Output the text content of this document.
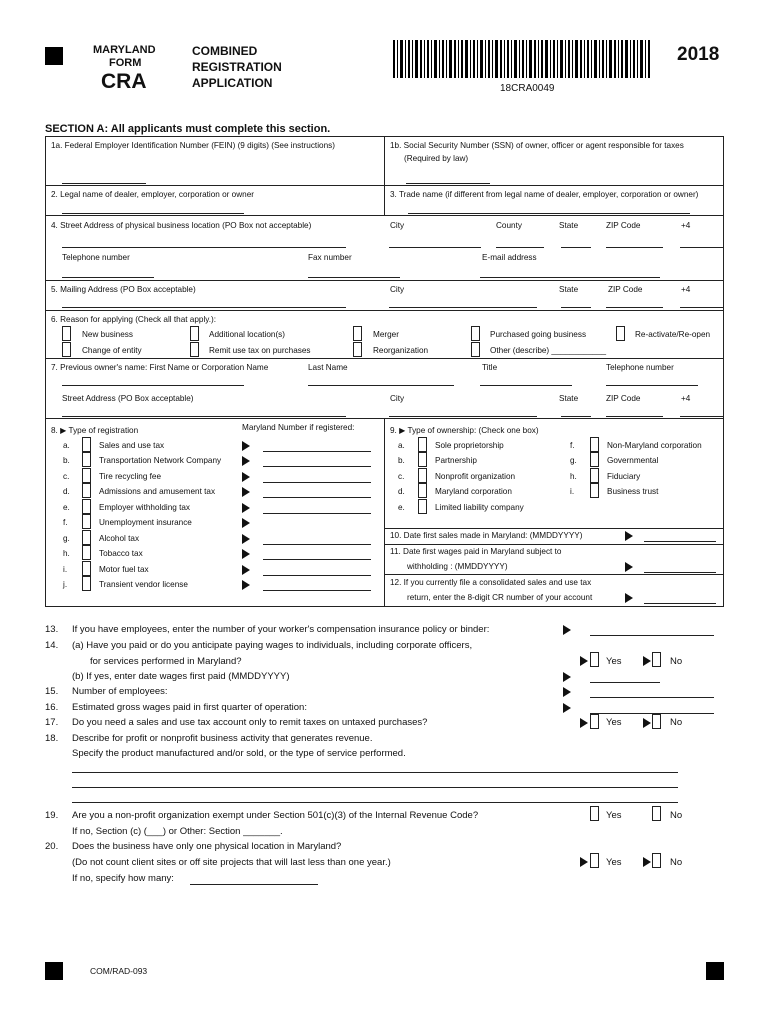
MARYLAND
FORM
CRA
COMBINED
REGISTRATION
APPLICATION	18CRA0049
2018
SECTION A: All applicants must complete this section.
1a. Federal Employer Identification Number (FEIN) (9 digits) (See instructions)	1b. Social Security Number (SSN) of owner, officer or agent responsible for taxes
(Required by law)
2. Legal name of dealer, employer, corporation or owner	3. Trade name (if different from legal name of dealer, employer, corporation or owner)
4. Street Address of physical business location (PO Box not acceptable)	City	County	State	ZIP Code	+4
Telephone number	Fax number	E-mail address
5. Mailing Address (PO Box acceptable)	City	State	ZIP Code	+4
6. Reason for applying (Check all that apply.):
New business	Additional location(s)	Merger	Purchased going business	Re-activate/Re-open
Change of entity	Remit use tax on purchases	Reorganization	Other (describe) ____________
7. Previous owner's name: First Name or Corporation Name	Last Name	Title	Telephone number
Street Address (PO Box acceptable)	City	State	ZIP Code	+4
8. ▶ Type of registration	Maryland Number if registered:
a.	Sales and use tax
b.	Transportation Network Company
c.	Tire recycling fee
d.	Admissions and amusement tax
e.	Employer withholding tax
f.	Unemployment insurance
g.	Alcohol tax
h.	Tobacco tax
i.	Motor fuel tax
j.	Transient vendor license
9. ▶ Type of ownership: (Check one box)
a.	Sole proprietorship
b.	Partnership
c.	Nonprofit organization
d.	Maryland corporation
e.	Limited liability company
f.	Non-Maryland corporation
g.	Governmental
h.	Fiduciary
i.	Business trust
10. Date first sales made in Maryland: (MMDDYYYY)
11. Date first wages paid in Maryland subject to
withholding : (MMDDYYYY)
12. If you currently file a consolidated sales and use tax
return, enter the 8-digit CR number of your account
13. If you have employees, enter the number of your worker's compensation insurance policy or binder:
14. (a) Have you paid or do you anticipate paying wages to individuals, including corporate officers,
for services performed in Maryland?	Yes	No
(b) If yes, enter date wages first paid (MMDDYYYY)
15. Number of employees:
16. Estimated gross wages paid in first quarter of operation:
17. Do you need a sales and use tax account only to remit taxes on untaxed purchases?	Yes	No
18. Describe for profit or nonprofit business activity that generates revenue.
Specify the product manufactured and/or sold, or the type of service performed.
19. Are you a non-profit organization exempt under Section 501(c)(3) of the Internal Revenue Code?	Yes	No
If no, Section (c) (___) or Other: Section _______.
20. Does the business have only one physical location in Maryland?
(Do not count client sites or off site projects that will last less than one year.)	Yes	No
If no, specify how many:
COM/RAD-093
